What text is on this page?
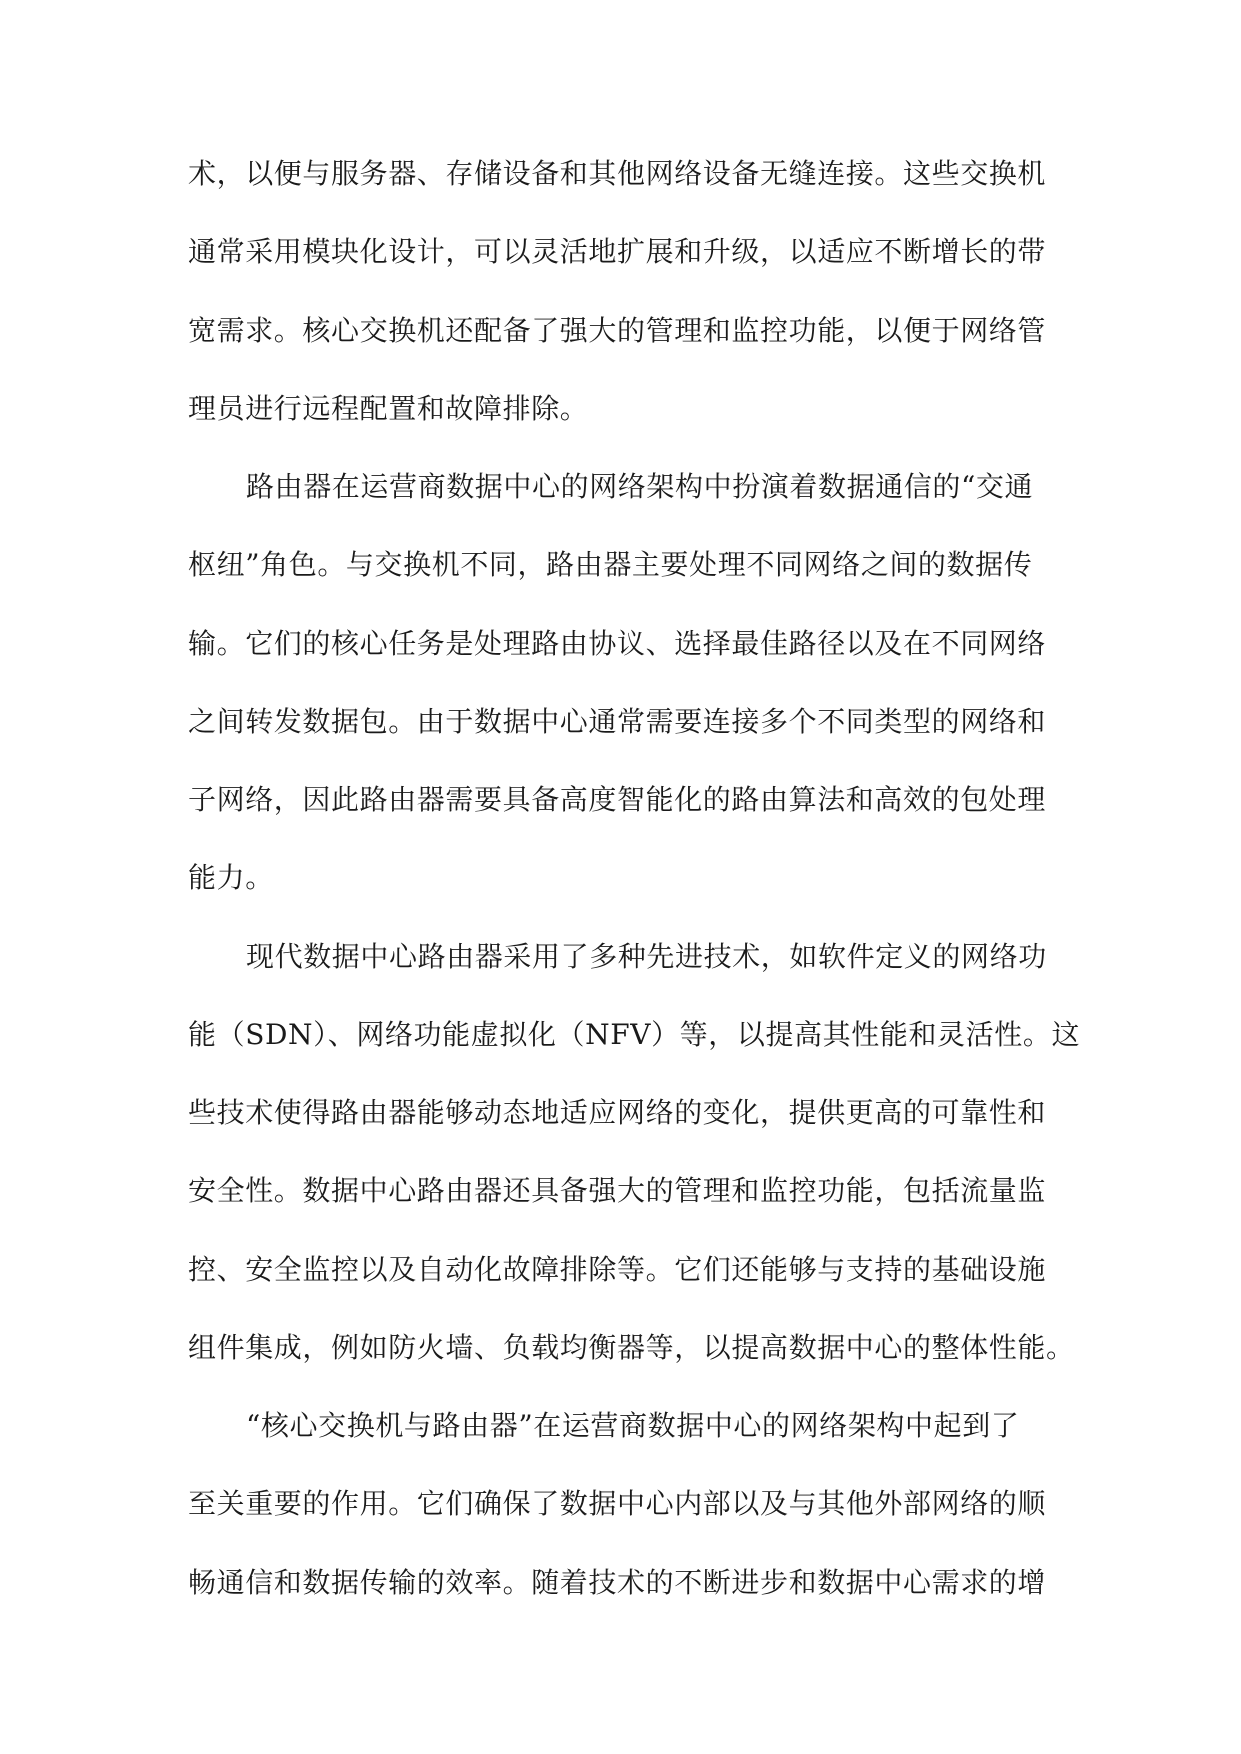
术，以便与服务器、存储设备和其他网络设备无缝连接。这些交换机
通常采用模块化设计，可以灵活地扩展和升级，以适应不断增长的带
宽需求。核心交换机还配备了强大的管理和监控功能，以便于网络管
理员进行远程配置和故障排除。
路由器在运营商数据中心的网络架构中扮演着数据通信的“交通
枢纽”角色。与交换机不同，路由器主要处理不同网络之间的数据传
输。它们的核心任务是处理路由协议、选择最佳路径以及在不同网络
之间转发数据包。由于数据中心通常需要连接多个不同类型的网络和
子网络，因此路由器需要具备高度智能化的路由算法和高效的包处理
能力。
现代数据中心路由器采用了多种先进技术，如软件定义的网络功
能（SDN）、网络功能虚拟化（NFV）等，以提高其性能和灵活性。这
些技术使得路由器能够动态地适应网络的变化，提供更高的可靠性和
安全性。数据中心路由器还具备强大的管理和监控功能，包括流量监
控、安全监控以及自动化故障排除等。它们还能够与支持的基础设施
组件集成，例如防火墙、负载均衡器等，以提高数据中心的整体性能。
“核心交换机与路由器”在运营商数据中心的网络架构中起到了
至关重要的作用。它们确保了数据中心内部以及与其他外部网络的顺
畅通信和数据传输的效率。随着技术的不断进步和数据中心需求的增
